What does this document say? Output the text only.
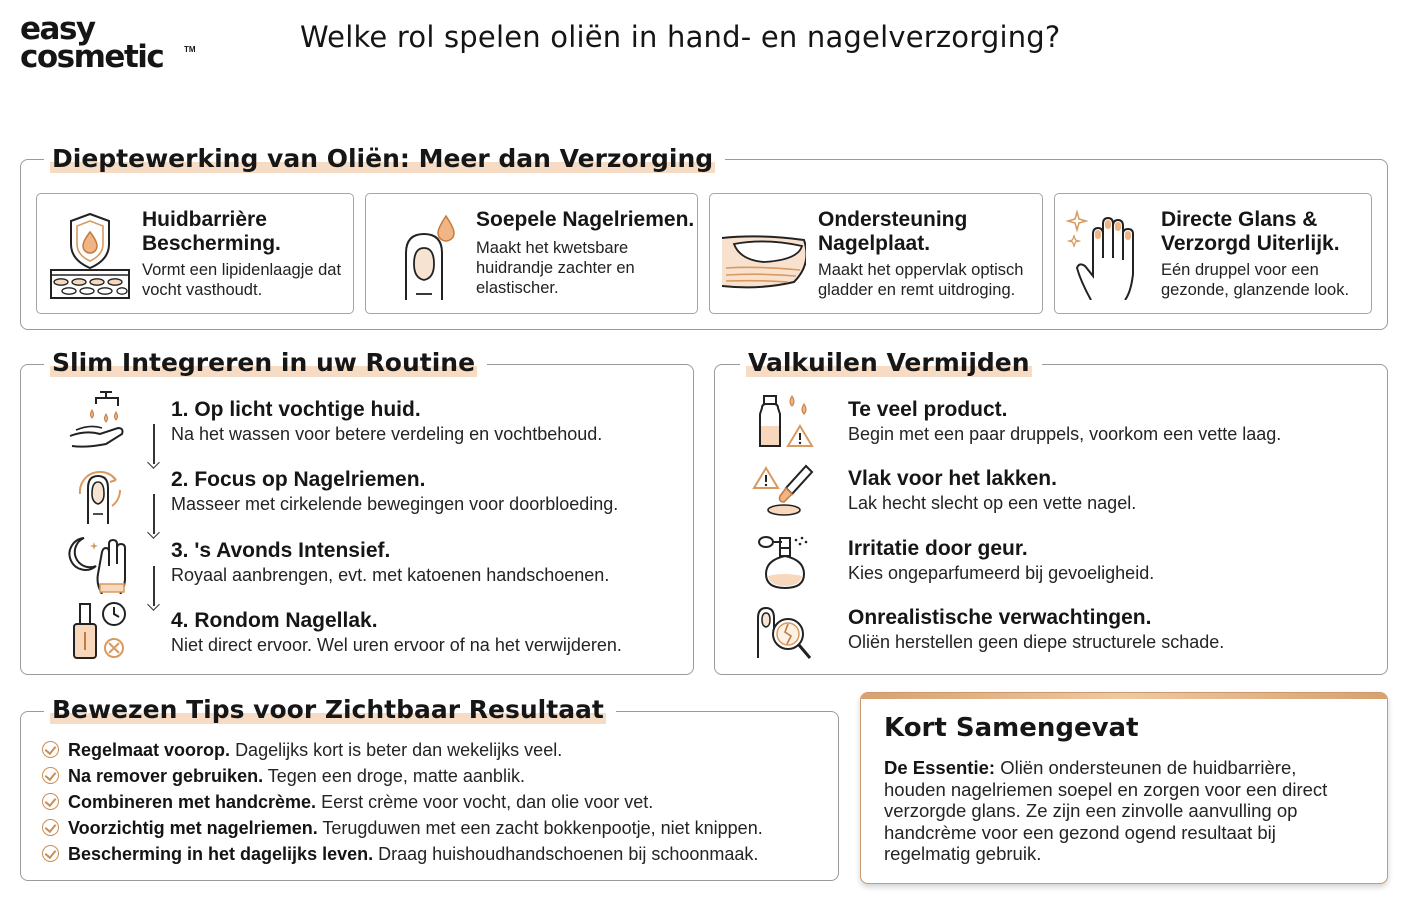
easy
cosmetic	TM	Welke rol spelen oliën in hand- en nagelverzorging?
Dieptewerking van Oliën: Meer dan Verzorging
Huidbarrière Bescherming.
Vormt een lipidenlaagje dat vocht vasthoudt.
Soepele Nagelriemen.
Maakt het kwetsbare huidrandje zachter en elastischer.
Ondersteuning Nagelplaat.
Maakt het oppervlak optisch gladder en remt uitdroging.
Directe Glans & Verzorgd Uiterlijk.
Eén druppel voor een gezonde, glanzende look.
Slim Integreren in uw Routine
1. Op licht vochtige huid.
Na het wassen voor betere verdeling en vochtbehoud.
2. Focus op Nagelriemen.
Masseer met cirkelende bewegingen voor doorbloeding.
3. 's Avonds Intensief.
Royaal aanbrengen, evt. met katoenen handschoenen.
4. Rondom Nagellak.
Niet direct ervoor. Wel uren ervoor of na het verwijderen.
Valkuilen Vermijden
Te veel product.
Begin met een paar druppels, voorkom een vette laag.
Vlak voor het lakken.
Lak hecht slecht op een vette nagel.
Irritatie door geur.
Kies ongeparfumeerd bij gevoeligheid.
Onrealistische verwachtingen.
Oliën herstellen geen diepe structurele schade.
Bewezen Tips voor Zichtbaar Resultaat
Regelmaat voorop. Dagelijks kort is beter dan wekelijks veel.
Na remover gebruiken. Tegen een droge, matte aanblik.
Combineren met handcrème. Eerst crème voor vocht, dan olie voor vet.
Voorzichtig met nagelriemen. Terugduwen met een zacht bokkenpootje, niet knippen.
Bescherming in het dagelijks leven. Draag huishoudhandschoenen bij schoonmaak.
Kort Samengevat
De Essentie: Oliën ondersteunen de huidbarrière, houden nagelriemen soepel en zorgen voor een direct verzorgde glans. Ze zijn een zinvolle aanvulling op handcrème voor een gezond ogend resultaat bij regelmatig gebruik.
